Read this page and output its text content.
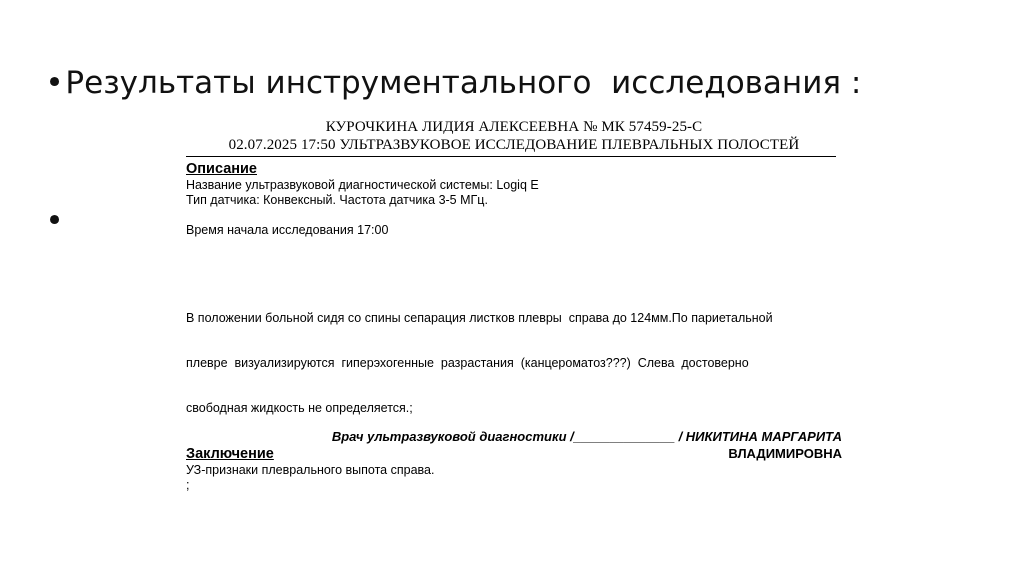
•Результаты инструментального  исследования :

•

КУРОЧКИНА ЛИДИЯ АЛЕКСЕЕВНА № МК 57459-25-С
02.07.2025 17:50 УЛЬТРАЗВУКОВОЕ ИССЛЕДОВАНИЕ ПЛЕВРАЛЬНЫХ ПОЛОСТЕЙ
Описание
Название ультразвуковой диагностической системы: Logiq E
Тип датчика: Конвексный. Частота датчика 3-5 МГц.
Время начала исследования 17:00

В положении больной сидя со спины сепарация листков плевры  справа до 124мм.По париетальной

плевре  визуализируются  гиперэхогенные  разрастания  (канцероматоз???)  Слева  достоверно

свободная жидкость не определяется.;

Заключение
УЗ-признаки плеврального выпота справа.
;
Врач ультразвуковой диагностики /______________ / НИКИТИНА МАРГАРИТА
ВЛАДИМИРОВНА
